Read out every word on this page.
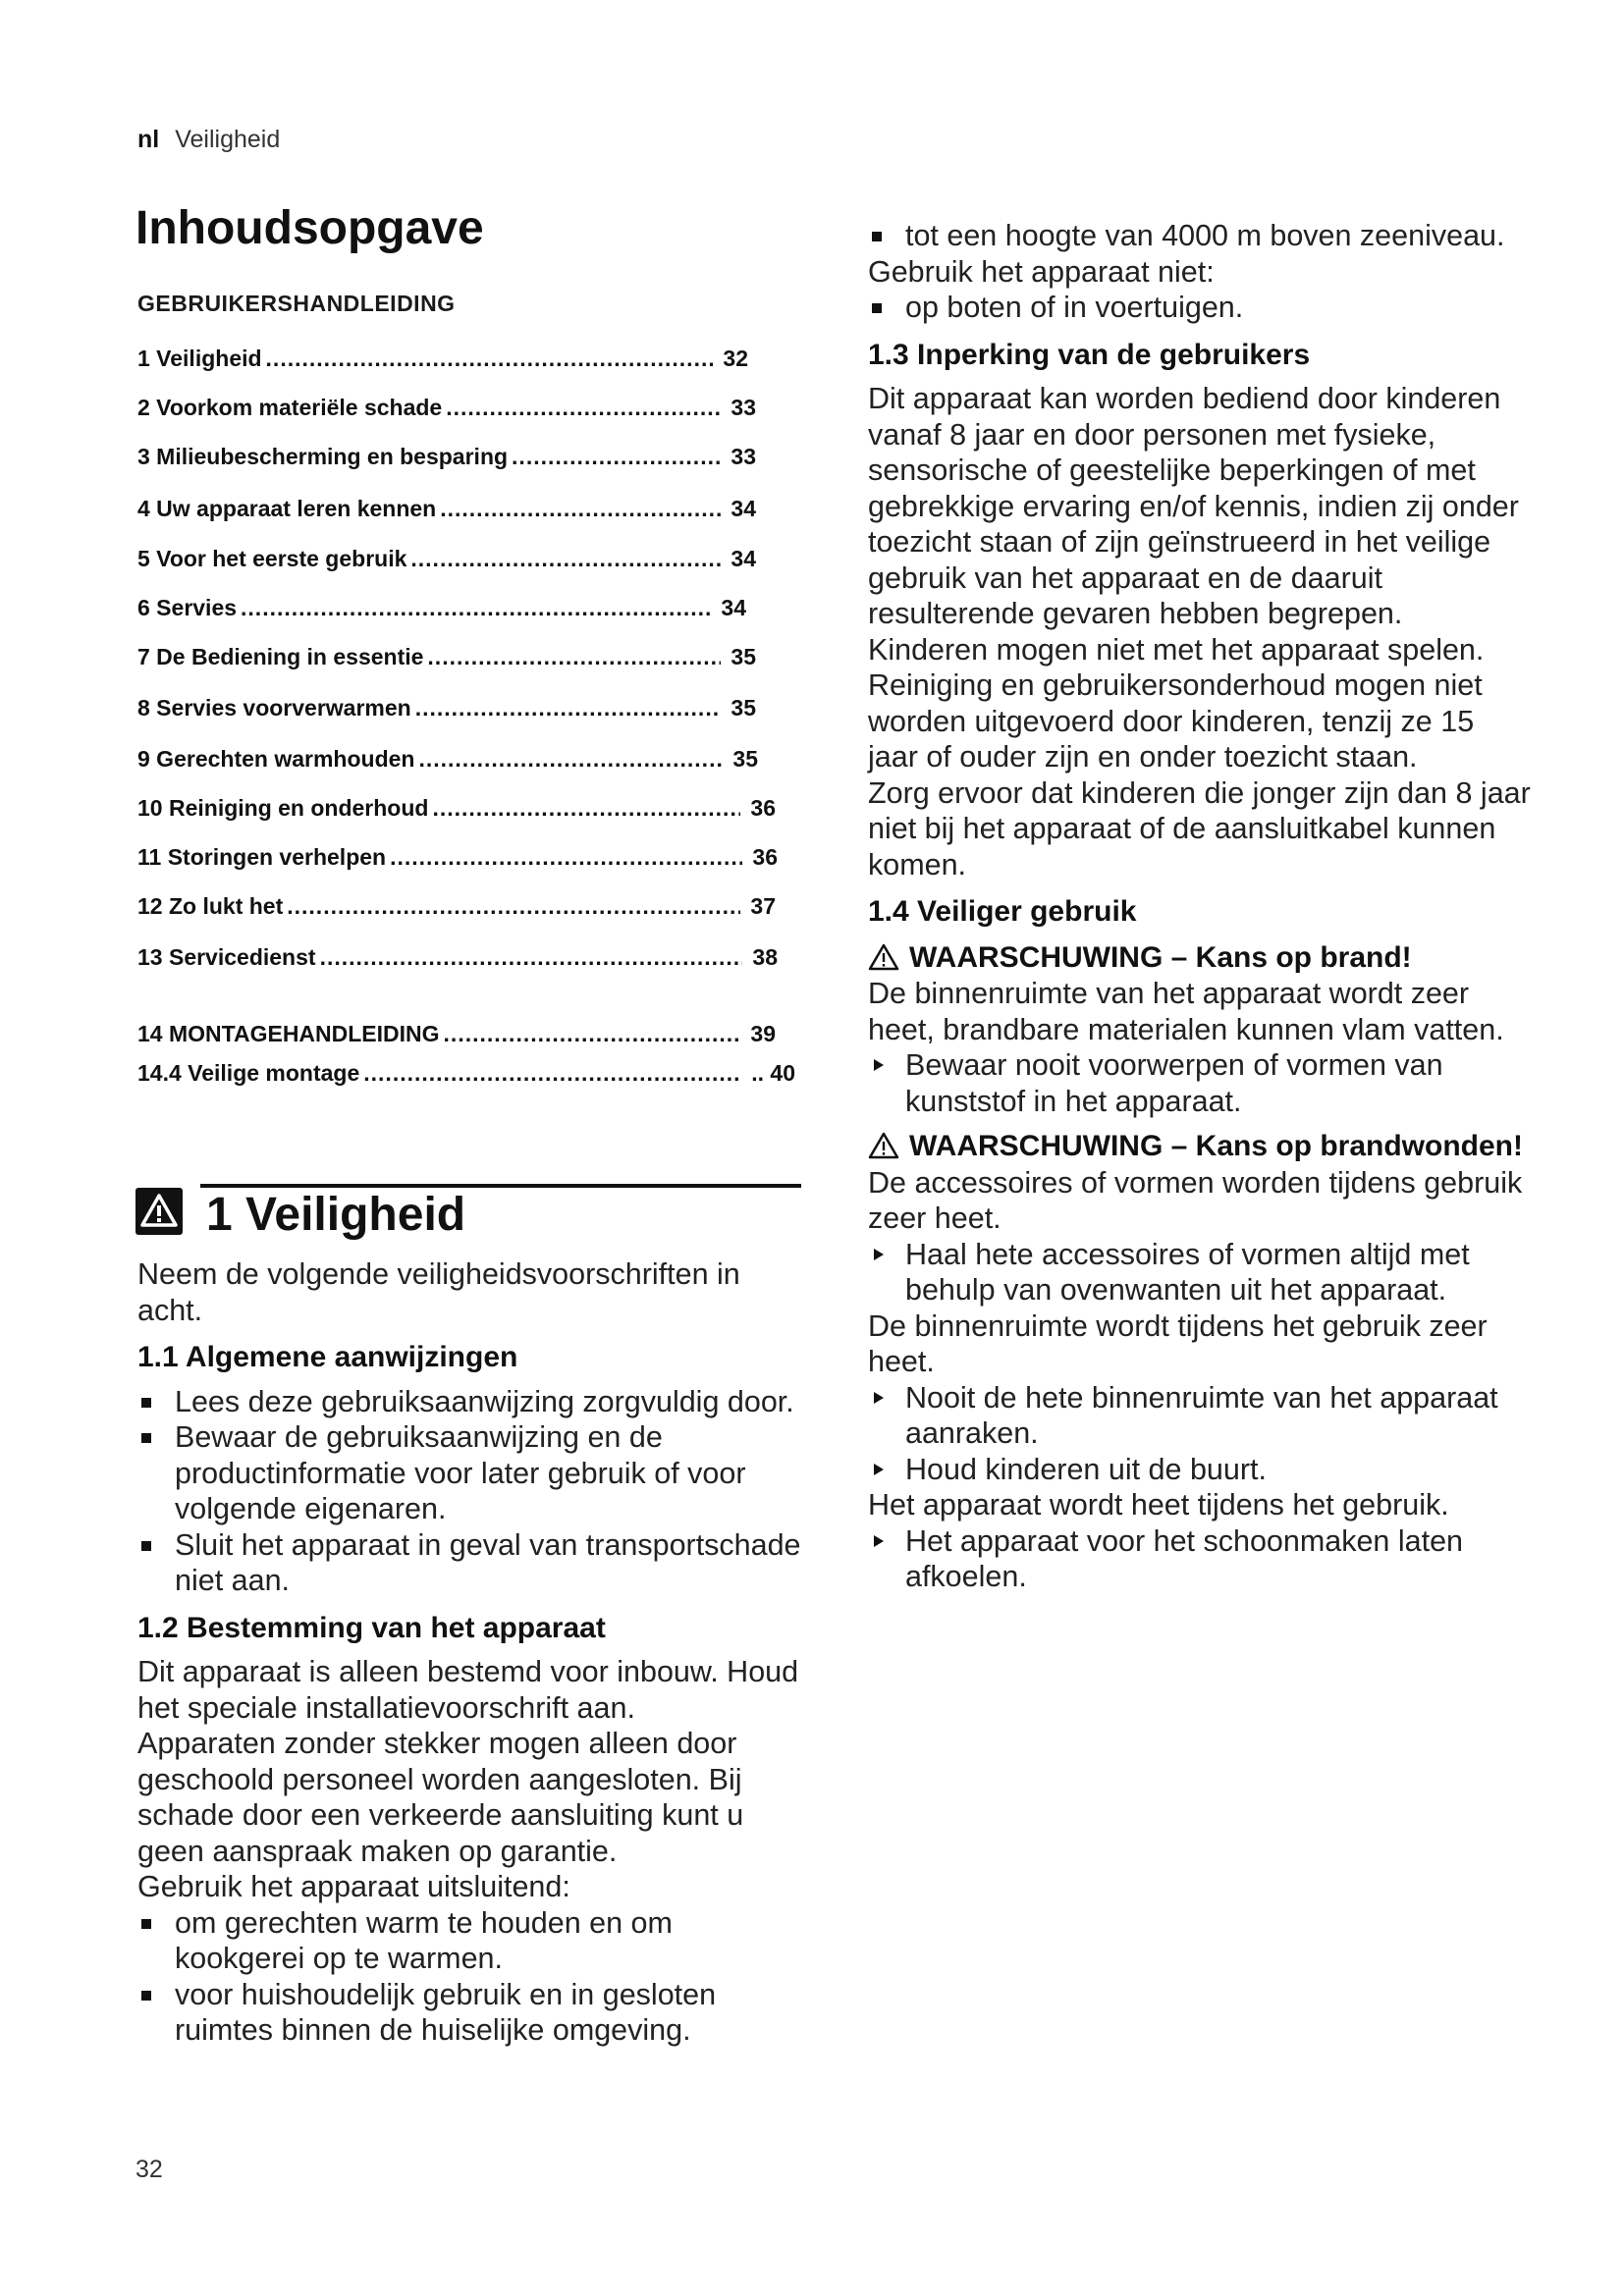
nl Veiligheid
Inhoudsopgave
GEBRUIKERSHANDLEIDING
1 Veiligheid .....	32
2 Voorkom materiële schade .....	33
3 Milieubescherming en besparing .....	33
4 Uw apparaat leren kennen .....	34
5 Voor het eerste gebruik .....	34
6 Servies .....	34
7 De Bediening in essentie .....	35
8 Servies voorverwarmen .....	35
9 Gerechten warmhouden .....	35
10 Reiniging en onderhoud .....	36
11 Storingen verhelpen .....	36
12 Zo lukt het .....	37
13 Servicedienst .....	38
14 MONTAGEHANDLEIDING .....	39
14.4 Veilige montage .....	.. 40
1 Veiligheid

Neem de volgende veiligheidsvoorschriften in acht.

1.1 Algemene aanwijzingen

Lees deze gebruiksaanwijzing zorgvuldig door.

Bewaar de gebruiksaanwijzing en de productinformatie voor later gebruik of voor volgende eigenaren.

Sluit het apparaat in geval van transportschade niet aan.

1.2 Bestemming van het apparaat

Dit apparaat is alleen bestemd voor inbouw. Houd het speciale installatievoorschrift aan.

Apparaten zonder stekker mogen alleen door geschoold personeel worden aangesloten. Bij schade door een verkeerde aansluiting kunt u geen aanspraak maken op garantie.

Gebruik het apparaat uitsluitend:

om gerechten warm te houden en om kookgerei op te warmen.

voor huishoudelijk gebruik en in gesloten ruimtes binnen de huiselijke omgeving.

tot een hoogte van 4000 m boven zeeniveau.

Gebruik het apparaat niet:

op boten of in voertuigen.

1.3 Inperking van de gebruikers

Dit apparaat kan worden bediend door kinderen vanaf 8 jaar en door personen met fysieke, sensorische of geestelijke beperkingen of met gebrekkige ervaring en/of kennis, indien zij onder toezicht staan of zijn geïnstrueerd in het veilige gebruik van het apparaat en de daaruit resulterende gevaren hebben begrepen.

Kinderen mogen niet met het apparaat spelen.

Reiniging en gebruikersonderhoud mogen niet worden uitgevoerd door kinderen, tenzij ze 15 jaar of ouder zijn en onder toezicht staan.

Zorg ervoor dat kinderen die jonger zijn dan 8 jaar niet bij het apparaat of de aansluitkabel kunnen komen.

1.4 Veiliger gebruik

WAARSCHUWING – Kans op brand!

De binnenruimte van het apparaat wordt zeer heet, brandbare materialen kunnen vlam vatten.

Bewaar nooit voorwerpen of vormen van kunststof in het apparaat.

WAARSCHUWING – Kans op brandwonden!

De accessoires of vormen worden tijdens gebruik zeer heet.

Haal hete accessoires of vormen altijd met behulp van ovenwanten uit het apparaat.

De binnenruimte wordt tijdens het gebruik zeer heet.

Nooit de hete binnenruimte van het apparaat aanraken.

Houd kinderen uit de buurt.

Het apparaat wordt heet tijdens het gebruik.

Het apparaat voor het schoonmaken laten afkoelen.

32
